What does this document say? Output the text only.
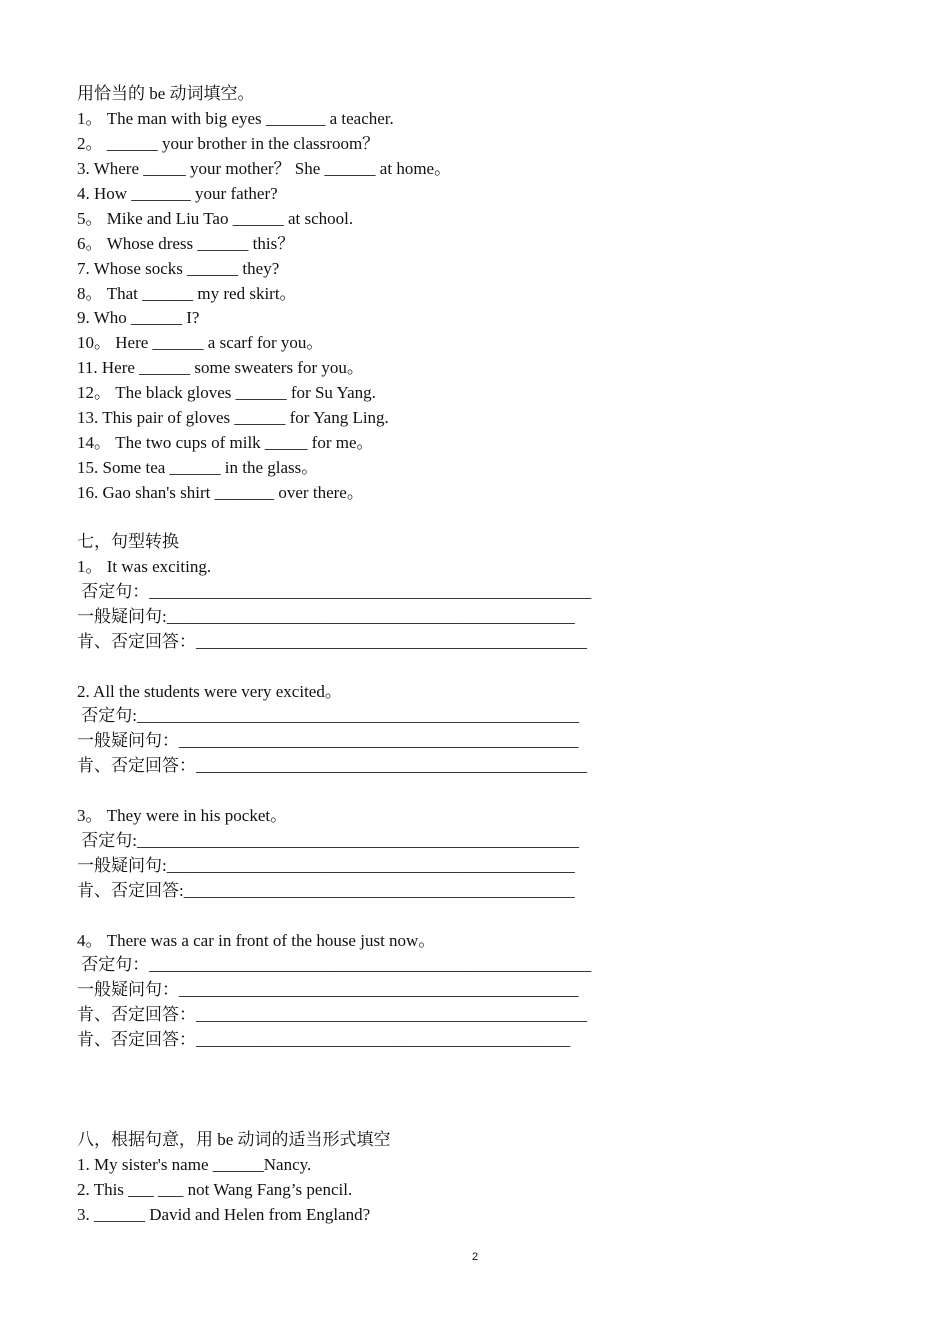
用恰当的 be 动词填空。
1。 The man with big eyes _______ a teacher.
2。 ______ your brother in the classroom？
3. Where _____ your mother？ She ______ at home。
4. How _______ your father?
5。 Mike and Liu Tao ______ at school.
6。 Whose dress ______ this？
7. Whose socks ______ they?
8。 That ______ my red skirt。
9. Who ______ I?
10。 Here ______ a scarf for you。
11. Here ______ some sweaters for you。
12。 The black gloves ______ for Su Yang.
13. This pair of gloves ______ for Yang Ling.
14。 The two cups of milk _____ for me。
15. Some tea ______ in the glass。
16. Gao shan's shirt _______ over there。
七，句型转换
1。 It was exciting.
否定句：____________________________________________________
一般疑问句:________________________________________________
肯、否定回答：______________________________________________
2. All the students were very excited。
否定句:____________________________________________________
一般疑问句：_______________________________________________
肯、否定回答：______________________________________________
3。 They were in his pocket。
否定句:____________________________________________________
一般疑问句:________________________________________________
肯、否定回答:______________________________________________
4。 There was a car in front of the house just now。
否定句：____________________________________________________
一般疑问句：_______________________________________________
肯、否定回答：______________________________________________
肯、否定回答：____________________________________________
八，根据句意，用 be 动词的适当形式填空
1. My sister's name ______Nancy.
2. This ___ ___ not Wang Fang’s pencil.
3. ______ David and Helen from England?
2
